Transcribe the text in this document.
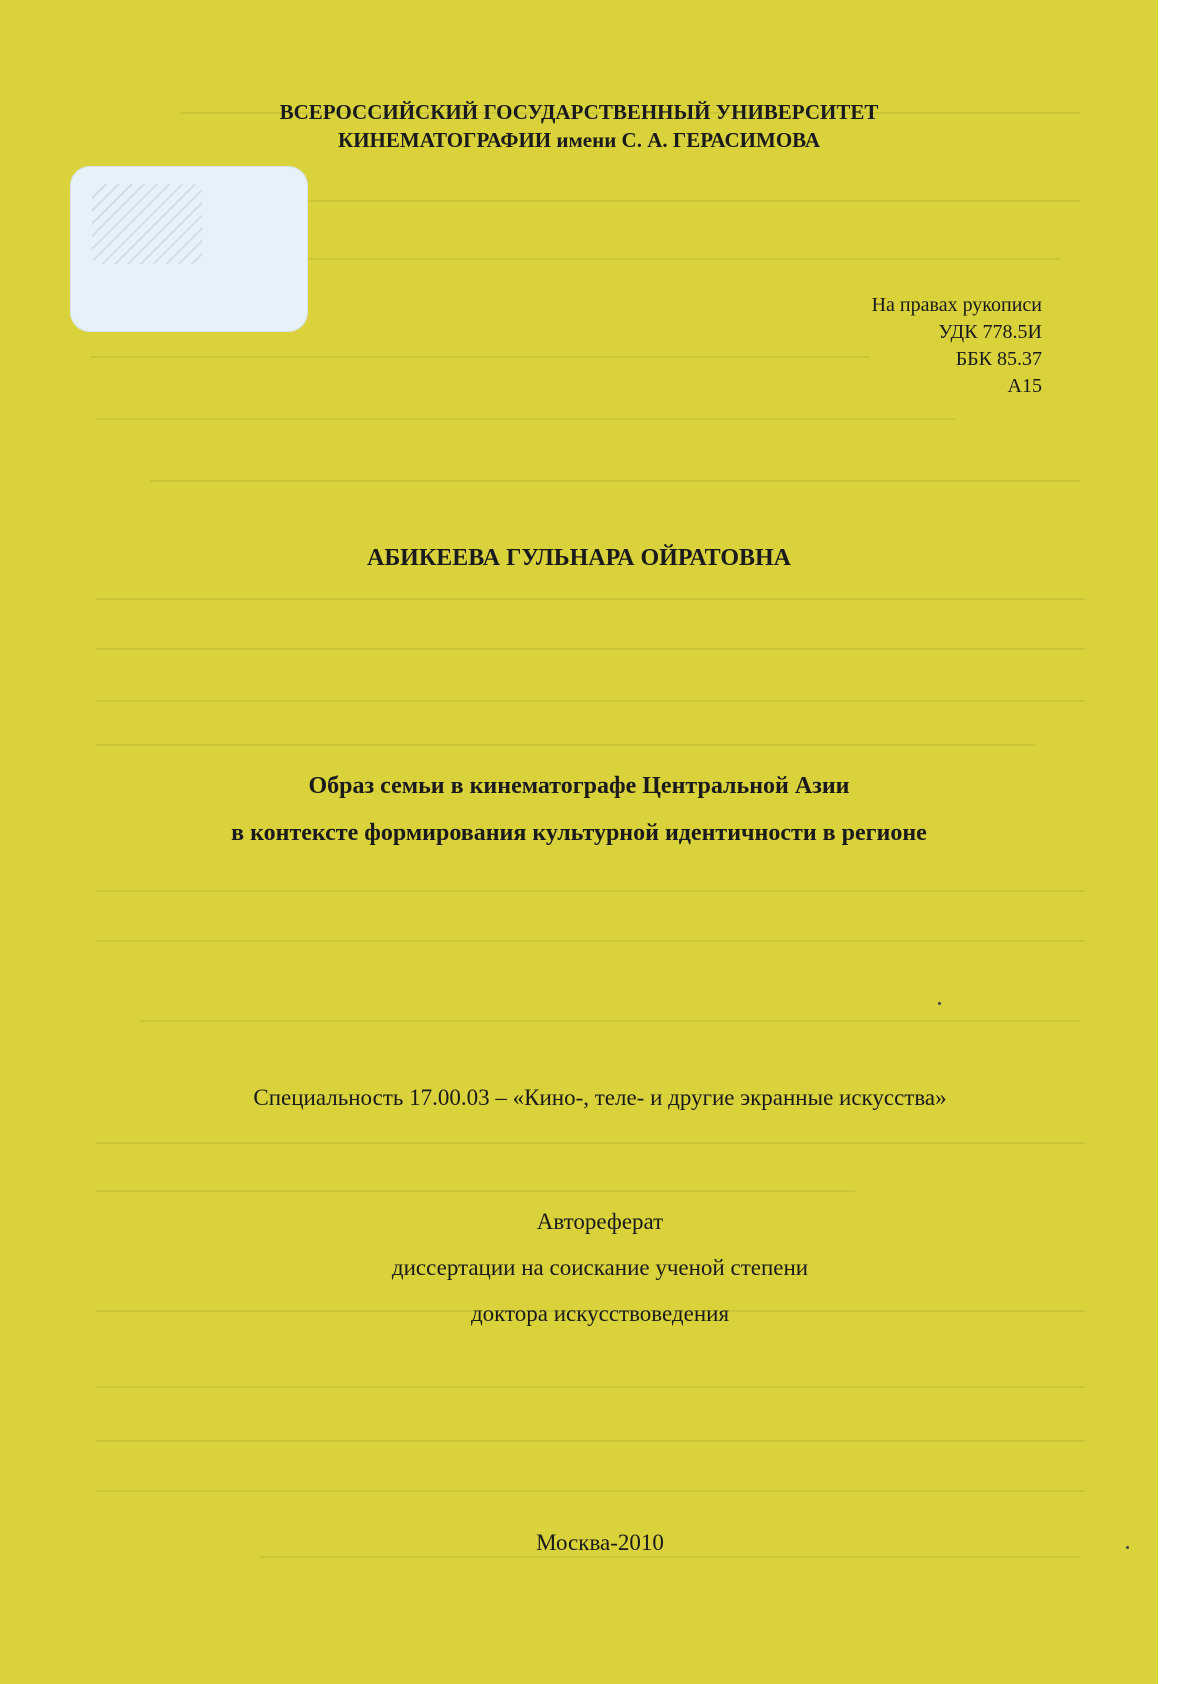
ВСЕРОССИЙСКИЙ ГОСУДАРСТВЕННЫЙ УНИВЕРСИТЕТ

КИНЕМАТОГРАФИИ имени С. А. ГЕРАСИМОВА

На правах рукописи

УДК 778.5И

ББК 85.37

А15

АБИКЕЕВА ГУЛЬНАРА ОЙРАТОВНА

Образ семьи в кинематографе Центральной Азии

в контексте формирования культурной идентичности в регионе

Специальность 17.00.03 – «Кино-, теле- и другие экранные искусства»

Автореферат

диссертации на соискание ученой степени

доктора искусствоведения

Москва-2010
